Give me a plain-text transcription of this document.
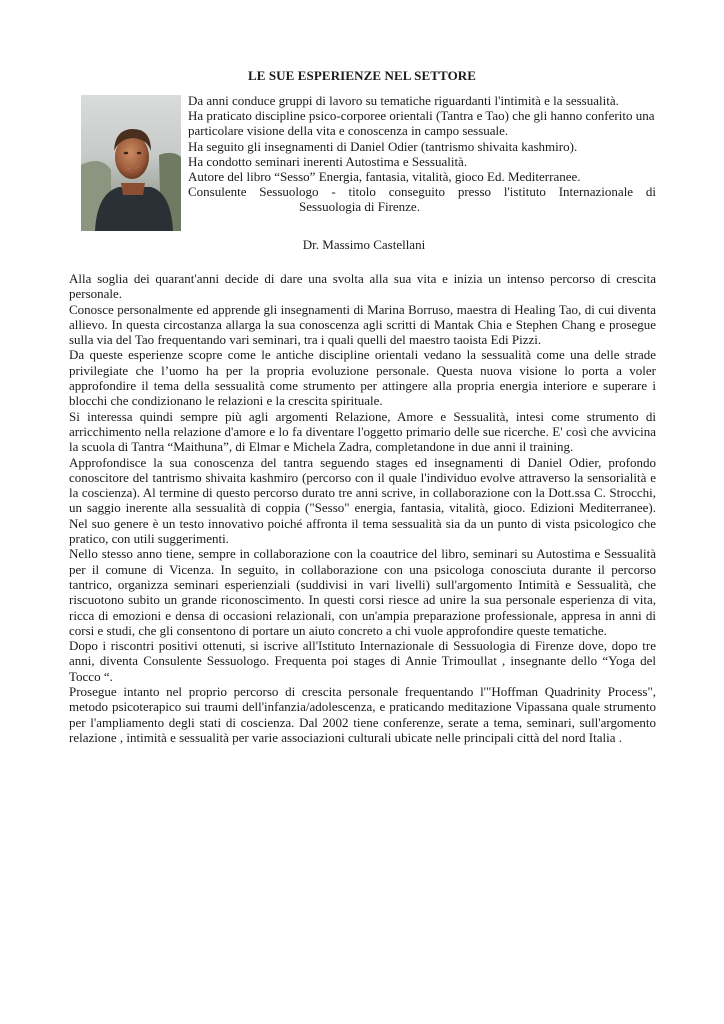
LE SUE ESPERIENZE NEL SETTORE

Da anni conduce gruppi di lavoro su tematiche riguardanti l'intimità e la sessualità.

Ha praticato discipline psico-corporee orientali (Tantra e Tao) che gli hanno conferito una particolare visione della vita e conoscenza in campo sessuale.

Ha seguito gli insegnamenti di Daniel Odier (tantrismo shivaita kashmiro).

Ha condotto seminari inerenti Autostima e Sessualità.

Autore del libro “Sesso” Energia, fantasia, vitalità, gioco Ed. Mediterranee.

Consulente Sessuologo - titolo conseguito presso l'istituto Internazionale di

Sessuologia di Firenze.

Dr. Massimo Castellani

Alla soglia dei quarant'anni decide di dare una svolta alla sua vita e inizia un intenso percorso di crescita personale.

Conosce personalmente ed apprende gli insegnamenti di Marina Borruso, maestra di Healing Tao, di cui diventa allievo. In questa circostanza allarga la sua conoscenza agli scritti di Mantak Chia e Stephen Chang e prosegue sulla via del Tao frequentando vari seminari, tra i quali quelli del maestro taoista Edi Pizzi.

Da queste esperienze scopre come le antiche discipline orientali vedano la sessualità come una delle strade privilegiate che l’uomo ha per la propria evoluzione personale. Questa nuova visione lo porta a voler approfondire il tema della sessualità come strumento per attingere alla propria energia interiore e superare i blocchi che condizionano le relazioni e la crescita spirituale.

Si interessa quindi sempre più agli argomenti Relazione, Amore e Sessualità, intesi come strumento di arricchimento nella relazione d'amore e lo fa diventare l'oggetto primario delle sue ricerche. E' così che avvicina la scuola di Tantra “Maithuna”, di Elmar e Michela Zadra, completandone in due anni il training.

Approfondisce la sua conoscenza del tantra seguendo stages ed insegnamenti di Daniel Odier, profondo conoscitore del tantrismo shivaita kashmiro (percorso con il quale l'individuo evolve attraverso la sensorialità e la coscienza). Al termine di questo percorso durato tre anni scrive, in collaborazione con la Dott.ssa C. Strocchi, un saggio inerente alla sessualità di coppia ("Sesso" energia, fantasia, vitalità, gioco. Edizioni Mediterranee). Nel suo genere è un testo innovativo poiché affronta il tema sessualità sia da un punto di vista psicologico che pratico, con utili suggerimenti.

Nello stesso anno tiene, sempre in collaborazione con la coautrice del libro, seminari su Autostima e Sessualità per il comune di Vicenza. In seguito, in collaborazione con una psicologa conosciuta durante il percorso tantrico, organizza seminari esperienziali (suddivisi in vari livelli) sull'argomento Intimità e Sessualità, che riscuotono subito un grande riconoscimento. In questi corsi riesce ad unire la sua personale esperienza di vita, ricca di emozioni e densa di occasioni relazionali, con un'ampia preparazione professionale, appresa in anni di corsi e studi, che gli consentono di portare un aiuto concreto a chi vuole approfondire queste tematiche.

Dopo i riscontri positivi ottenuti, si iscrive all'Istituto Internazionale di Sessuologia di Firenze dove, dopo tre anni, diventa Consulente Sessuologo. Frequenta poi stages di Annie Trimoullat , insegnante dello “Yoga del Tocco “.

Prosegue intanto nel proprio percorso di crescita personale frequentando l'"Hoffman Quadrinity Process", metodo psicoterapico sui traumi dell'infanzia/adolescenza, e praticando meditazione Vipassana quale strumento per l'ampliamento degli stati di coscienza. Dal 2002 tiene conferenze, serate a tema, seminari, sull'argomento relazione , intimità e sessualità per varie associazioni culturali ubicate nelle principali città del nord Italia .
